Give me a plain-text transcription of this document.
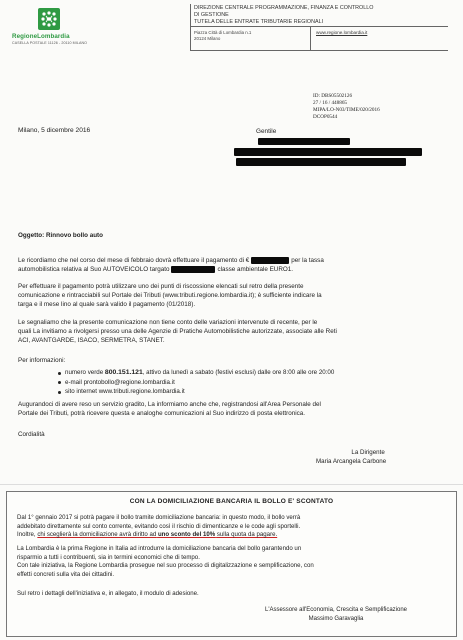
RegioneLombardia
CASELLA POSTALE 11126 - 20110 MILANO
DIREZIONE CENTRALE PROGRAMMAZIONE, FINANZA E CONTROLLO
DI GESTIONE
TUTELA DELLE ENTRATE TRIBUTARIE REGIONALI
Piazza Città di Lombardia n.1
20124 Milano
www.regione.lombardia.it
ID: DBS05502126
27 / 16 / 448865
MIPA/LO-N03/TIME/020/2016
DCOP0544
Milano, 5 dicembre 2016	Gentile
Oggetto: Rinnovo bollo auto
Le ricordiamo che nel corso del mese di febbraio dovrà effettuare il pagamento di €	per la tassa
automobilistica relativa al Suo AUTOVEICOLO targato	classe ambientale EURO1.
Per effettuare il pagamento potrà utilizzare uno dei punti di riscossione elencati sul retro della presente
comunicazione e rintracciabili sul Portale dei Tributi (www.tributi.regione.lombardia.it); è sufficiente indicare la
targa e il mese lino al quale sarà valido il pagamento (01/2018).
Le segnaliamo che la presente comunicazione non tiene conto delle variazioni intervenute di recente, per le
quali La invitiamo a rivolgersi presso una delle Agenzie di Pratiche Automobilistiche autorizzate, associate alle Reti
ACI, AVANTGARDE, ISACO, SERMETRA, STANET.
Per informazioni:
numero verde 800.151.121, attivo da lunedì a sabato (festivi esclusi) dalle ore 8:00 alle ore 20:00
e-mail prontobollo@regione.lombardia.it
sito internet www.tributi.regione.lombardia.it
Augurandoci di avere reso un servizio gradito, La informiamo anche che, registrandosi all'Area Personale del
Portale dei Tributi, potrà ricevere questa e analoghe comunicazioni al Suo indirizzo di posta elettronica.
Cordialità
La Dirigente
Maria Arcangela Carbone
CON LA DOMICILIAZIONE BANCARIA IL BOLLO E' SCONTATO
Dal 1° gennaio 2017 si potrà pagare il bollo tramite domiciliazione bancaria: in questo modo, il bollo verrà
addebitato direttamente sul conto corrente, evitando così il rischio di dimenticanze e le code agli sportelli.
Inoltre, chi sceglierà la domiciliazione avrà diritto ad uno sconto del 10% sulla quota da pagare.
La Lombardia è la prima Regione in Italia ad introdurre la domiciliazione bancaria del bollo garantendo un
risparmio a tutti i contribuenti, sia in termini economici che di tempo.
Con tale iniziativa, la Regione Lombardia prosegue nel suo processo di digitalizzazione e semplificazione, con
effetti concreti sulla vita dei cittadini.
Sul retro i dettagli dell'iniziativa e, in allegato, il modulo di adesione.
L'Assessore all'Economia, Crescita e Semplificazione
Massimo Garavaglia
